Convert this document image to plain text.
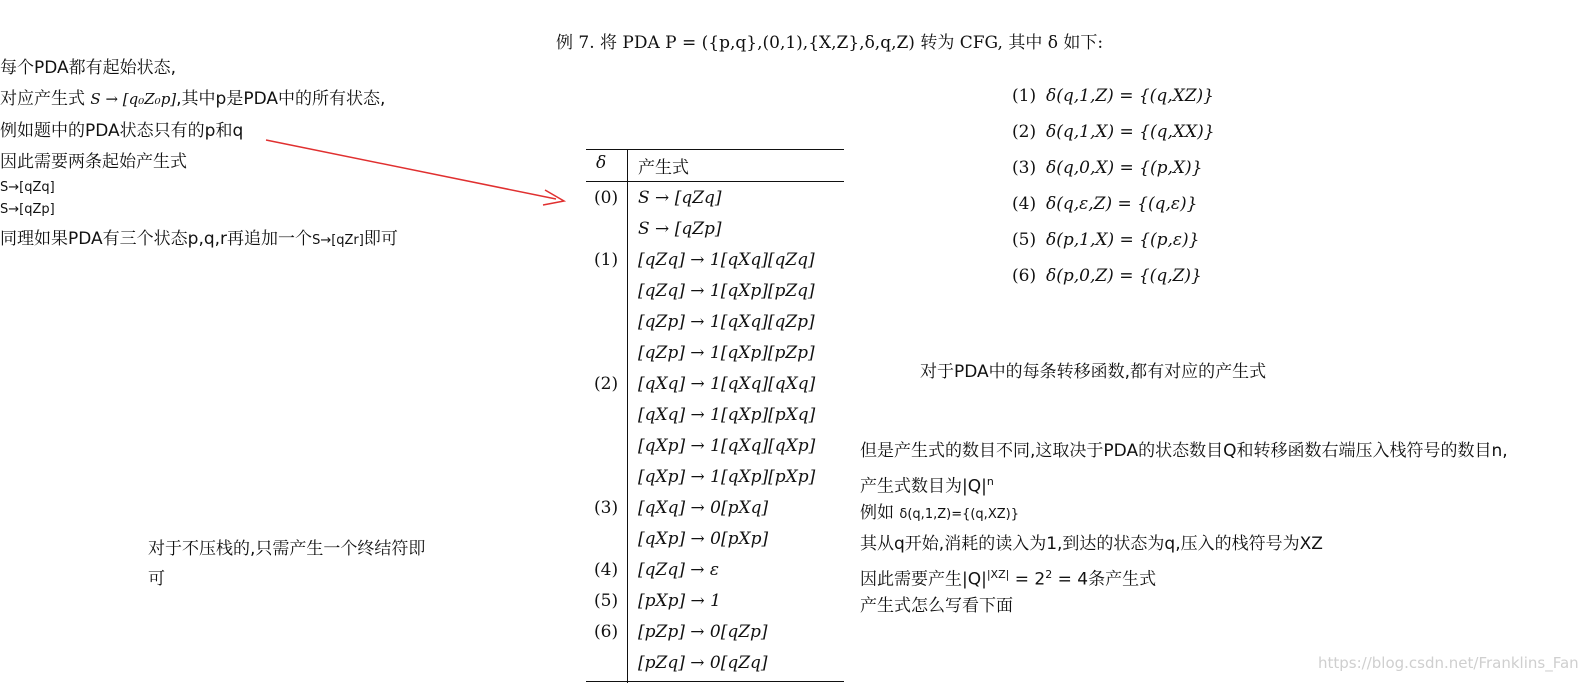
每个PDA都有起始状态,
对应产生式 S → [q₀Z₀p],其中p是PDA中的所有状态,
例如题中的PDA状态只有的p和q
因此需要两条起始产生式
S→[qZq]
S→[qZp]
同理如果PDA有三个状态p,q,r再追加一个S→[qZr]即可
对于不压栈的,只需产生一个终结符即
可
例 7. 将 PDA P = ({p,q},(0,1),{X,Z},δ,q,Z) 转为 CFG, 其中 δ 如下:
(1) δ(q,1,Z) = {(q,XZ)}
(2) δ(q,1,X) = {(q,XX)}
(3) δ(q,0,X) = {(p,X)}
(4) δ(q,ε,Z) = {(q,ε)}
(5) δ(p,1,X) = {(p,ε)}
(6) δ(p,0,Z) = {(q,Z)}
δ 产生式
(0) S → [qZq]
S → [qZp]
(1) [qZq] → 1[qXq][qZq]
[qZq] → 1[qXp][pZq]
[qZp] → 1[qXq][qZp]
[qZp] → 1[qXp][pZp]
(2) [qXq] → 1[qXq][qXq]
[qXq] → 1[qXp][pXq]
[qXp] → 1[qXq][qXp]
[qXp] → 1[qXp][pXp]
(3) [qXq] → 0[pXq]
[qXp] → 0[pXp]
(4) [qZq] → ε
(5) [pXp] → 1
(6) [pZp] → 0[qZp]
[pZq] → 0[qZq]
对于PDA中的每条转移函数,都有对应的产生式
但是产生式的数目不同,这取决于PDA的状态数目Q和转移函数右端压入栈符号的数目n,
产生式数目为$|Q|^n$
例如 δ(q,1,Z)={(q,XZ)}
其从q开始,消耗的读入为1,到达的状态为q,压入的栈符号为XZ
因此需要产生$|Q|^{|XZ|} = 2^2 = 4$条产生式
产生式怎么写看下面
https://blog.csdn.net/Franklins_Fan
